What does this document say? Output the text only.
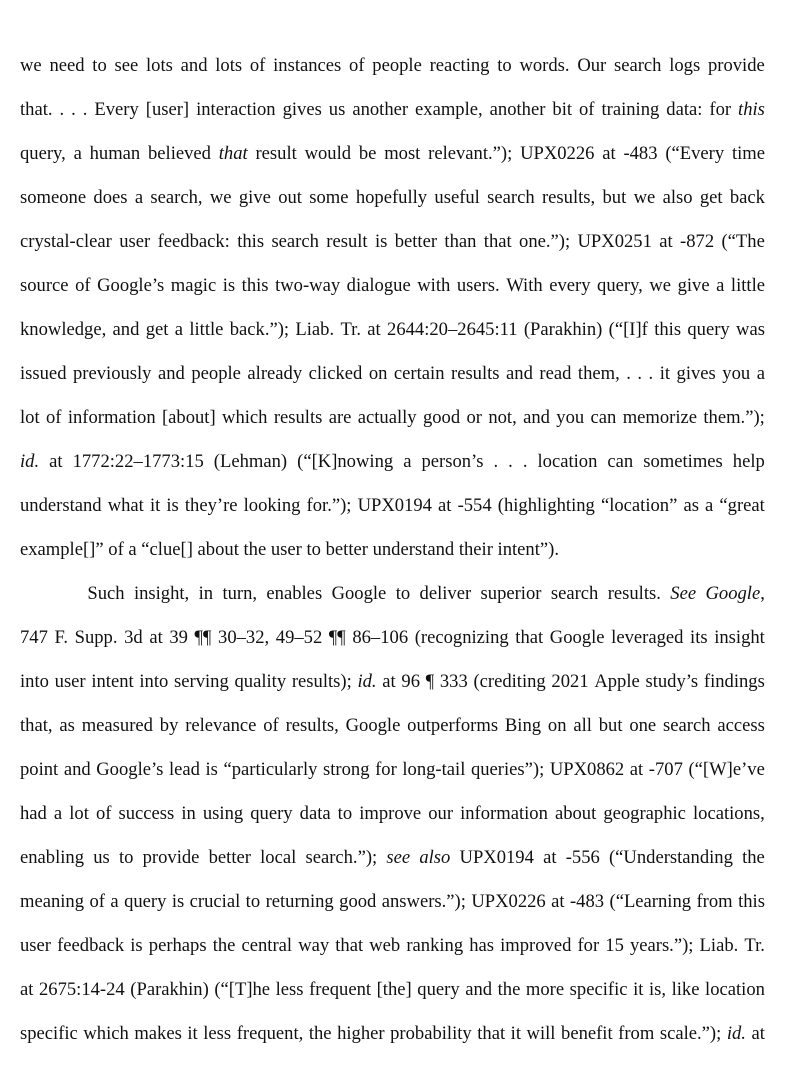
we need to see lots and lots of instances of people reacting to words. Our search logs provide
that. . . . Every [user] interaction gives us another example, another bit of training data: for this
query, a human believed that result would be most relevant.”); UPX0226 at -483 (“Every time
someone does a search, we give out some hopefully useful search results, but we also get back
crystal-clear user feedback: this search result is better than that one.”); UPX0251 at -872 (“The
source of Google’s magic is this two-way dialogue with users. With every query, we give a little
knowledge, and get a little back.”); Liab. Tr. at 2644:20–2645:11 (Parakhin) (“[I]f this query was
issued previously and people already clicked on certain results and read them, . . . it gives you a
lot of information [about] which results are actually good or not, and you can memorize them.”);
id. at 1772:22–1773:15 (Lehman) (“[K]nowing a person’s . . . location can sometimes help
understand what it is they’re looking for.”); UPX0194 at -554 (highlighting “location” as a “great
example[]” of a “clue[] about the user to better understand their intent”).
Such insight, in turn, enables Google to deliver superior search results. See Google,
747 F. Supp. 3d at 39 ¶¶ 30–32, 49–52 ¶¶ 86–106 (recognizing that Google leveraged its insight
into user intent into serving quality results); id. at 96 ¶ 333 (crediting 2021 Apple study’s findings
that, as measured by relevance of results, Google outperforms Bing on all but one search access
point and Google’s lead is “particularly strong for long-tail queries”); UPX0862 at -707 (“[W]e’ve
had a lot of success in using query data to improve our information about geographic locations,
enabling us to provide better local search.”); see also UPX0194 at -556 (“Understanding the
meaning of a query is crucial to returning good answers.”); UPX0226 at -483 (“Learning from this
user feedback is perhaps the central way that web ranking has improved for 15 years.”); Liab. Tr.
at 2675:14-24 (Parakhin) (“[T]he less frequent [the] query and the more specific it is, like location
specific which makes it less frequent, the higher probability that it will benefit from scale.”); id. at
